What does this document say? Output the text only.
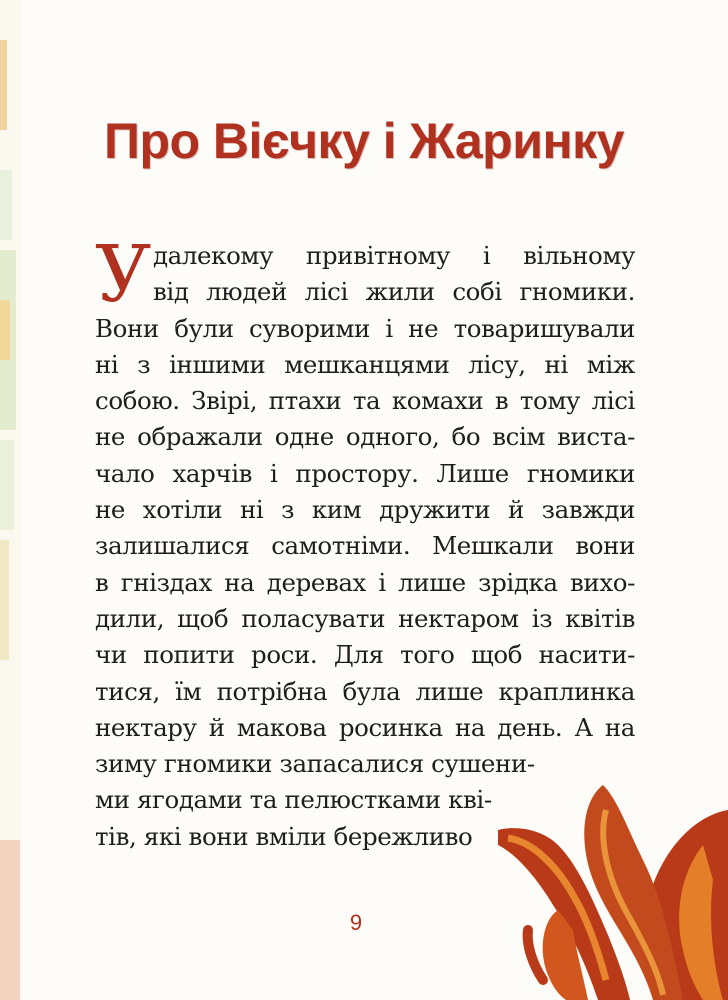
Про Вієчку і Жаринку
У далекому привітному і вільному
від людей лісі жили собі гномики.
Вони були суворими і не товаришували
ні з іншими мешканцями лісу, ні між
собою. Звірі, птахи та комахи в тому лісі
не ображали одне одного, бо всім виста-
чало харчів і простору. Лише гномики
не хотіли ні з ким дружити й завжди
залишалися самотніми. Мешкали вони
в гніздах на деревах і лише зрідка вихо-
дили, щоб поласувати нектаром із квітів
чи попити роси. Для того щоб насити-
тися, їм потрібна була лише краплинка
нектару й макова росинка на день. А на
зиму гномики запасалися сушени-
ми ягодами та пелюстками кві-
тів, які вони вміли бережливо
9
